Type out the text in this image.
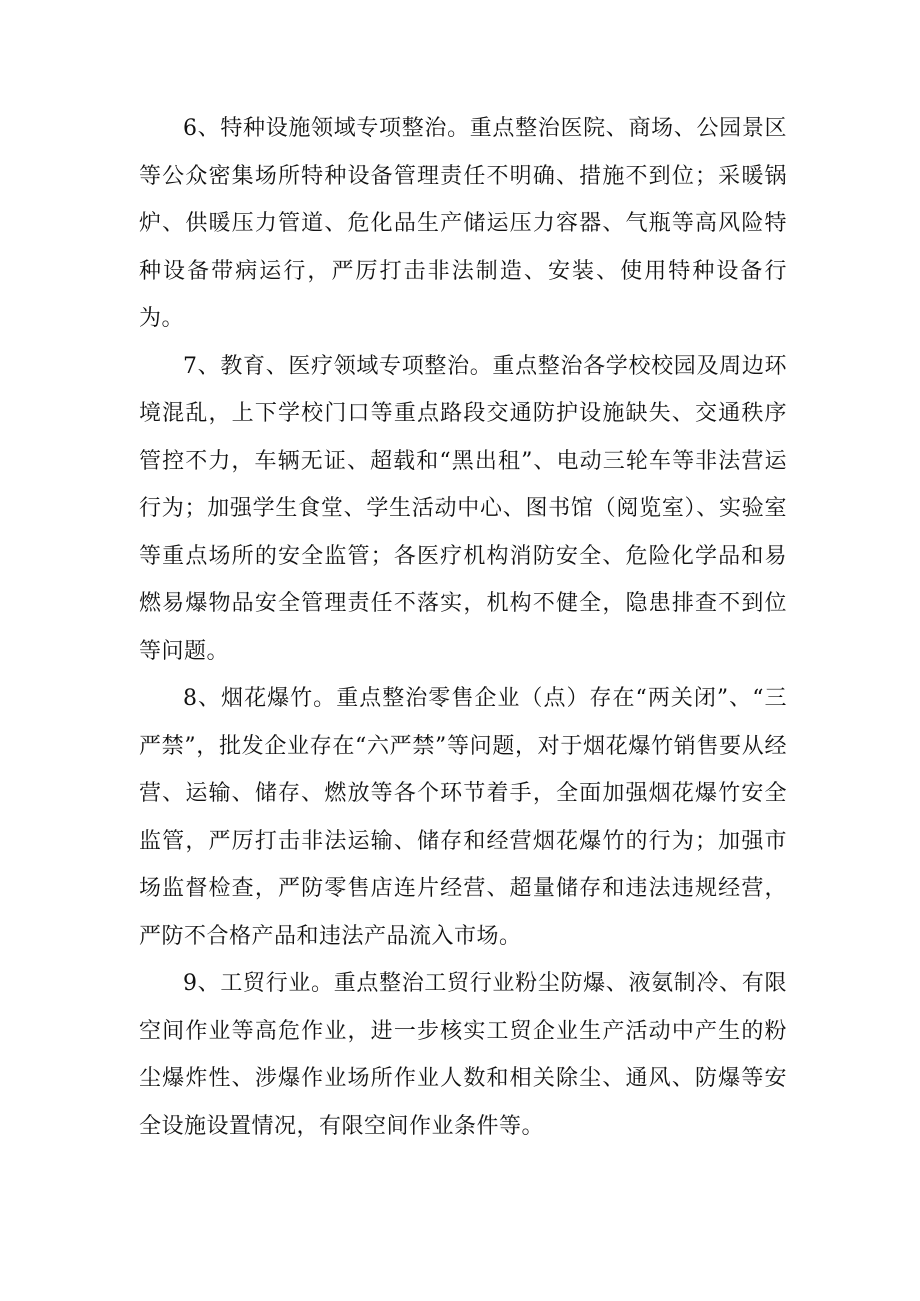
6、特种设施领域专项整治。重点整治医院、商场、公园景区等公众密集场所特种设备管理责任不明确、措施不到位；采暖锅炉、供暖压力管道、危化品生产储运压力容器、气瓶等高风险特种设备带病运行，严厉打击非法制造、安装、使用特种设备行为。

7、教育、医疗领域专项整治。重点整治各学校校园及周边环境混乱，上下学校门口等重点路段交通防护设施缺失、交通秩序管控不力，车辆无证、超载和“黑出租”、电动三轮车等非法营运行为；加强学生食堂、学生活动中心、图书馆（阅览室）、实验室等重点场所的安全监管；各医疗机构消防安全、危险化学品和易燃易爆物品安全管理责任不落实，机构不健全，隐患排查不到位等问题。

8、烟花爆竹。重点整治零售企业（点）存在“两关闭”、“三严禁”，批发企业存在“六严禁”等问题，对于烟花爆竹销售要从经营、运输、储存、燃放等各个环节着手，全面加强烟花爆竹安全监管，严厉打击非法运输、储存和经营烟花爆竹的行为；加强市场监督检查，严防零售店连片经营、超量储存和违法违规经营，严防不合格产品和违法产品流入市场。

9、工贸行业。重点整治工贸行业粉尘防爆、液氨制冷、有限空间作业等高危作业，进一步核实工贸企业生产活动中产生的粉尘爆炸性、涉爆作业场所作业人数和相关除尘、通风、防爆等安全设施设置情况，有限空间作业条件等。
